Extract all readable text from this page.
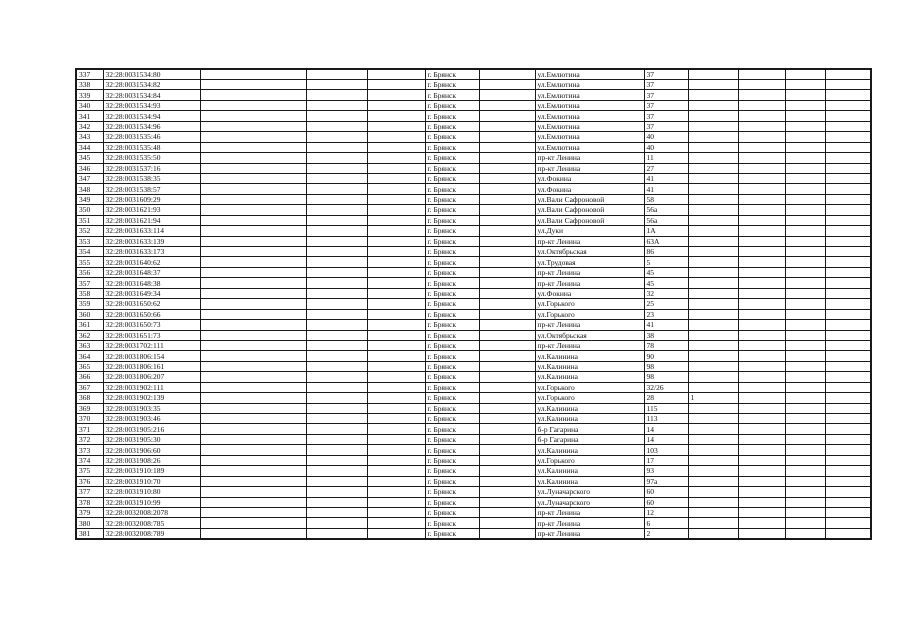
337	32:28:0031534:80				г. Брянск		ул.Емлютина	37				
338	32:28:0031534:82				г. Брянск		ул.Емлютина	37				
339	32:28:0031534:84				г. Брянск		ул.Емлютина	37				
340	32:28:0031534:93				г. Брянск		ул.Емлютина	37				
341	32:28:0031534:94				г. Брянск		ул.Емлютина	37				
342	32:28:0031534:96				г. Брянск		ул.Емлютина	37				
343	32:28:0031535:46				г. Брянск		ул.Емлютина	40				
344	32:28:0031535:48				г. Брянск		ул.Емлютина	40				
345	32:28:0031535:50				г. Брянск		пр-кт Ленина	11				
346	32:28:0031537:16				г. Брянск		пр-кт Ленина	27				
347	32:28:0031538:35				г. Брянск		ул.Фокина	41				
348	32:28:0031538:57				г. Брянск		ул.Фокина	41				
349	32:28:0031609:29				г. Брянск		ул.Вали Сафроновой	58				
350	32:28:0031621:93				г. Брянск		ул.Вали Сафроновой	56а				
351	32:28:0031621:94				г. Брянск		ул.Вали Сафроновой	56а				
352	32:28:0031633:114				г. Брянск		ул.Дуки	1А				
353	32:28:0031633:139				г. Брянск		пр-кт Ленина	63А				
354	32:28:0031633:173				г. Брянск		ул.Октябрьская	86				
355	32:28:0031640:62				г. Брянск		ул.Трудовая	5				
356	32:28:0031648:37				г. Брянск		пр-кт Ленина	45				
357	32:28:0031648:38				г. Брянск		пр-кт Ленина	45				
358	32:28:0031649:34				г. Брянск		ул.Фокина	32				
359	32:28:0031650:62				г. Брянск		ул.Горького	25				
360	32:28:0031650:66				г. Брянск		ул.Горького	23				
361	32:28:0031650:73				г. Брянск		пр-кт Ленина	41				
362	32:28:0031651:73				г. Брянск		ул.Октябрьская	38				
363	32:28:0031702:111				г. Брянск		пр-кт Ленина	78				
364	32:28:0031806:154				г. Брянск		ул.Калинина	90				
365	32:28:0031806:161				г. Брянск		ул.Калинина	98				
366	32:28:0031806:207				г. Брянск		ул.Калинина	98				
367	32:28:0031902:111				г. Брянск		ул.Горького	32/26				
368	32:28:0031902:139				г. Брянск		ул.Горького	28	1			
369	32:28:0031903:35				г. Брянск		ул.Калинина	115				
370	32:28:0031903:46				г. Брянск		ул.Калинина	113				
371	32:28:0031905:216				г. Брянск		б-р Гагарина	14				
372	32:28:0031905:30				г. Брянск		б-р Гагарина	14				
373	32:28:0031906:60				г. Брянск		ул.Калинина	103				
374	32:28:0031908:26				г. Брянск		ул.Горького	17				
375	32:28:0031910:189				г. Брянск		ул.Калинина	93				
376	32:28:0031910:70				г. Брянск		ул.Калинина	97а				
377	32:28:0031910:80				г. Брянск		ул.Луначарского	60				
378	32:28:0031910:99				г. Брянск		ул.Луначарского	60				
379	32:28:0032008:2078				г. Брянск		пр-кт Ленина	12				
380	32:28:0032008:785				г. Брянск		пр-кт Ленина	6				
381	32:28:0032008:789				г. Брянск		пр-кт Ленина	2				
